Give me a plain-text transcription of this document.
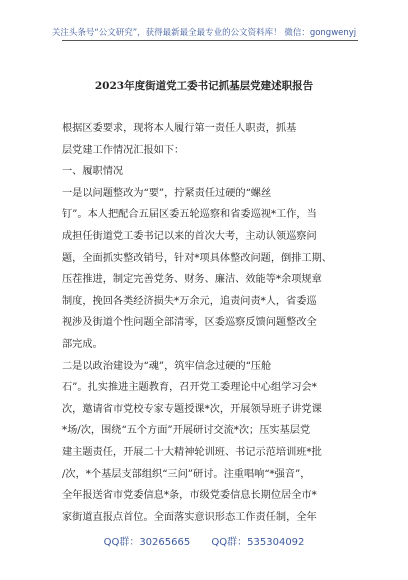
关注头条号“公文研究”，获得最新最全最专业的公文资料库！ 微信：gongwenyj
2023年度街道党工委书记抓基层党建述职报告
根据区委要求，现将本人履行第一责任人职责，抓基
层党建工作情况汇报如下：
一、履职情况
一是以问题整改为“要”，拧紧责任过硬的“螺丝
钉”。本人把配合五届区委五轮巡察和省委巡视*工作，当
成担任街道党工委书记以来的首次大考，主动认领巡察问
题，全面抓实整改销号，针对*项具体整改问题，倒排工期、
压茬推进，制定完善党务、财务、廉洁、效能等*余项规章
制度，挽回各类经济损失*万余元，追责问责*人，省委巡
视涉及街道个性问题全部清零，区委巡察反馈问题整改全
部完成。
二是以政治建设为“魂”，筑牢信念过硬的“压舱
石”。扎实推进主题教育，召开党工委理论中心组学习会*
次，邀请省市党校专家专题授课*次，开展领导班子讲党课
*场/次，围绕“五个方面”开展研讨交流*次；压实基层党
建主题责任，开展二十大精神轮训班、书记示范培训班*批
/次，*个基层支部组织“三问”研讨。注重唱响“*强音”，
全年报送省市党委信息*条，市级党委信息长期位居全市*
家街道直报点首位。全面落实意识形态工作责任制，全年
QQ群：30265665 QQ群：535304092
